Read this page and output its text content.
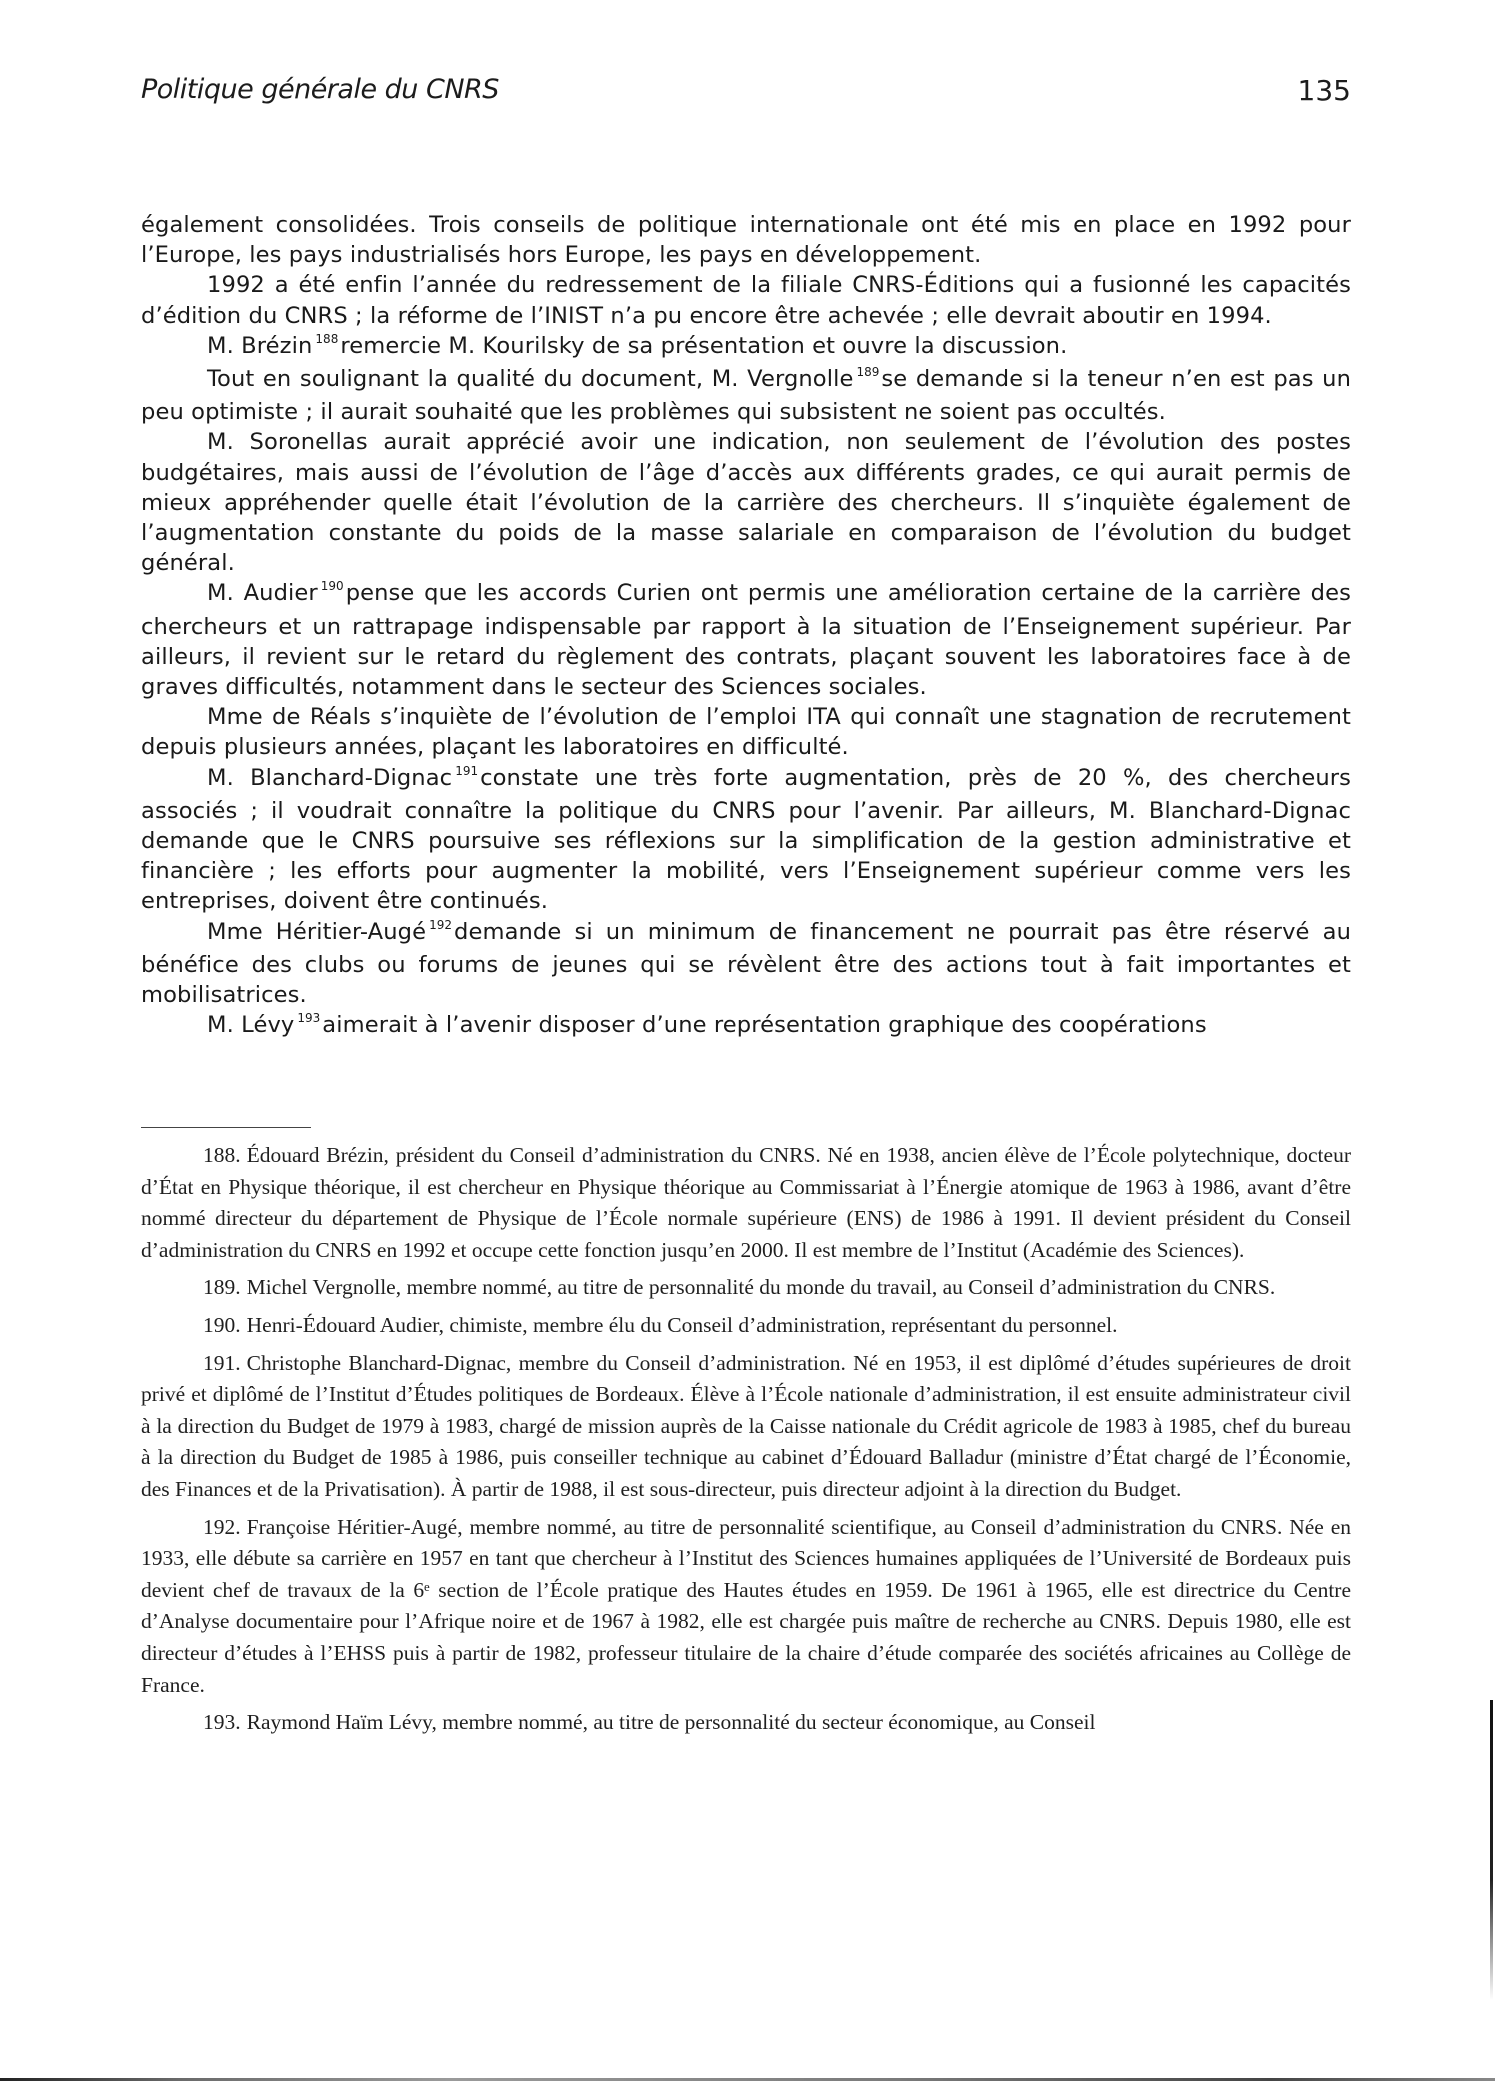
Politique générale du CNRS	135

également consolidées. Trois conseils de politique internationale ont été mis en place en 1992 pour l’Europe, les pays industrialisés hors Europe, les pays en développement.

1992 a été enfin l’année du redressement de la filiale CNRS-Éditions qui a fusionné les capacités d’édition du CNRS ; la réforme de l’INIST n’a pu encore être achevée ; elle devrait aboutir en 1994.

M. Brézin $^{188}$remercie M. Kourilsky de sa présentation et ouvre la discussion.

Tout en soulignant la qualité du document, M. Vergnolle $^{189}$se demande si la teneur n’en est pas un peu optimiste ; il aurait souhaité que les problèmes qui subsistent ne soient pas occultés.

M. Soronellas aurait apprécié avoir une indication, non seulement de l’évolution des postes budgétaires, mais aussi de l’évolution de l’âge d’accès aux différents grades, ce qui aurait permis de mieux appréhender quelle était l’évolution de la carrière des chercheurs. Il s’inquiète également de l’augmentation constante du poids de la masse salariale en comparaison de l’évolution du budget général.

M. Audier $^{190}$pense que les accords Curien ont permis une amélioration certaine de la carrière des chercheurs et un rattrapage indispensable par rapport à la situation de l’Enseignement supérieur. Par ailleurs, il revient sur le retard du règlement des contrats, plaçant souvent les laboratoires face à de graves difficultés, notamment dans le secteur des Sciences sociales.

Mme de Réals s’inquiète de l’évolution de l’emploi ITA qui connaît une stagnation de recrutement depuis plusieurs années, plaçant les laboratoires en difficulté.

M. Blanchard-Dignac $^{191}$constate une très forte augmentation, près de 20 %, des chercheurs associés ; il voudrait connaître la politique du CNRS pour l’avenir. Par ailleurs, M. Blanchard-Dignac demande que le CNRS poursuive ses réflexions sur la simplification de la gestion administrative et financière ; les efforts pour augmenter la mobilité, vers l’Enseignement supérieur comme vers les entreprises, doivent être continués.

Mme Héritier-Augé $^{192}$demande si un minimum de financement ne pourrait pas être réservé au bénéfice des clubs ou forums de jeunes qui se révèlent être des actions tout à fait importantes et mobilisatrices.

M. Lévy $^{193}$aimerait à l’avenir disposer d’une représentation graphique des coopérations

188. Édouard Brézin, président du Conseil d’administration du CNRS. Né en 1938, ancien élève de l’École polytechnique, docteur d’État en Physique théorique, il est chercheur en Physique théorique au Commissariat à l’Énergie atomique de 1963 à 1986, avant d’être nommé directeur du département de Physique de l’École normale supérieure (ENS) de 1986 à 1991. Il devient président du Conseil d’administration du CNRS en 1992 et occupe cette fonction jusqu’en 2000. Il est membre de l’Institut (Académie des Sciences).

189. Michel Vergnolle, membre nommé, au titre de personnalité du monde du travail, au Conseil d’administration du CNRS.

190. Henri-Édouard Audier, chimiste, membre élu du Conseil d’administration, représentant du personnel.

191. Christophe Blanchard-Dignac, membre du Conseil d’administration. Né en 1953, il est diplômé d’études supérieures de droit privé et diplômé de l’Institut d’Études politiques de Bordeaux. Élève à l’École nationale d’administration, il est ensuite administrateur civil à la direction du Budget de 1979 à 1983, chargé de mission auprès de la Caisse nationale du Crédit agricole de 1983 à 1985, chef du bureau à la direction du Budget de 1985 à 1986, puis conseiller technique au cabinet d’Édouard Balladur (ministre d’État chargé de l’Économie, des Finances et de la Privatisation). À partir de 1988, il est sous-directeur, puis directeur adjoint à la direction du Budget.

192. Françoise Héritier-Augé, membre nommé, au titre de personnalité scientifique, au Conseil d’administration du CNRS. Née en 1933, elle débute sa carrière en 1957 en tant que chercheur à l’Institut des Sciences humaines appliquées de l’Université de Bordeaux puis devient chef de travaux de la 6ᵉ section de l’École pratique des Hautes études en 1959. De 1961 à 1965, elle est directrice du Centre d’Analyse documentaire pour l’Afrique noire et de 1967 à 1982, elle est chargée puis maître de recherche au CNRS. Depuis 1980, elle est directeur d’études à l’EHSS puis à partir de 1982, professeur titulaire de la chaire d’étude comparée des sociétés africaines au Collège de France.

193. Raymond Haïm Lévy, membre nommé, au titre de personnalité du secteur économique, au Conseil
